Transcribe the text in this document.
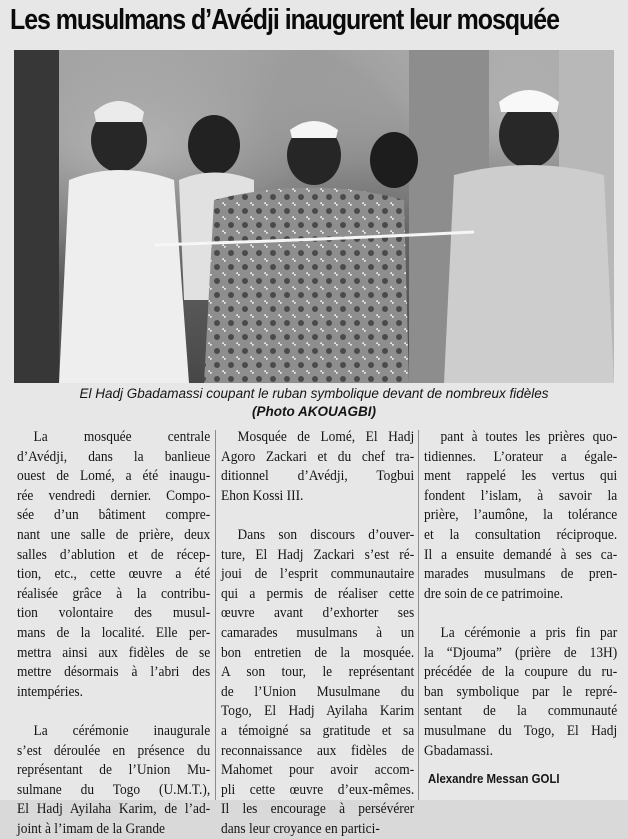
Les musulmans d’Avédji inaugurent leur mosquée
El Hadj Gbadamassi coupant le ruban symbolique devant de nombreux fidèles
(Photo AKOUAGBI)
La mosquée centrale
d’Avédji, dans la banlieue
ouest de Lomé, a été inaugu-
rée vendredi dernier. Compo-
sée d’un bâtiment compre-
nant une salle de prière, deux
salles d’ablution et de récep-
tion, etc., cette œuvre a été
réalisée grâce à la contribu-
tion volontaire des musul-
mans de la localité. Elle per-
mettra ainsi aux fidèles de se
mettre désormais à l’abri des
intempéries.
La cérémonie inaugurale
s’est déroulée en présence du
représentant de l’Union Mu-
sulmane du Togo (U.M.T.),
El Hadj Ayilaha Karim, de l’ad-
joint à l’imam de la Grande
Mosquée de Lomé, El Hadj
Agoro Zackari et du chef tra-
ditionnel d’Avédji, Togbui
Ehon Kossi III.
Dans son discours d’ouver-
ture, El Hadj Zackari s’est ré-
joui de l’esprit communautaire
qui a permis de réaliser cette
œuvre avant d’exhorter ses
camarades musulmans à un
bon entretien de la mosquée.
A son tour, le représentant
de l’Union Musulmane du
Togo, El Hadj Ayilaha Karim
a témoigné sa gratitude et sa
reconnaissance aux fidèles de
Mahomet pour avoir accom-
pli cette œuvre d’eux-mêmes.
Il les encourage à persévérer
dans leur croyance en partici-
pant à toutes les prières quo-
tidiennes. L’orateur a égale-
ment rappelé les vertus qui
fondent l’islam, à savoir la
prière, l’aumône, la tolérance
et la consultation réciproque.
Il a ensuite demandé à ses ca-
marades musulmans de pren-
dre soin de ce patrimoine.
La cérémonie a pris fin par
la “Djouma” (prière de 13H)
précédée de la coupure du ru-
ban symbolique par le repré-
sentant de la communauté
musulmane du Togo, El Hadj
Gbadamassi.
Alexandre Messan GOLI
